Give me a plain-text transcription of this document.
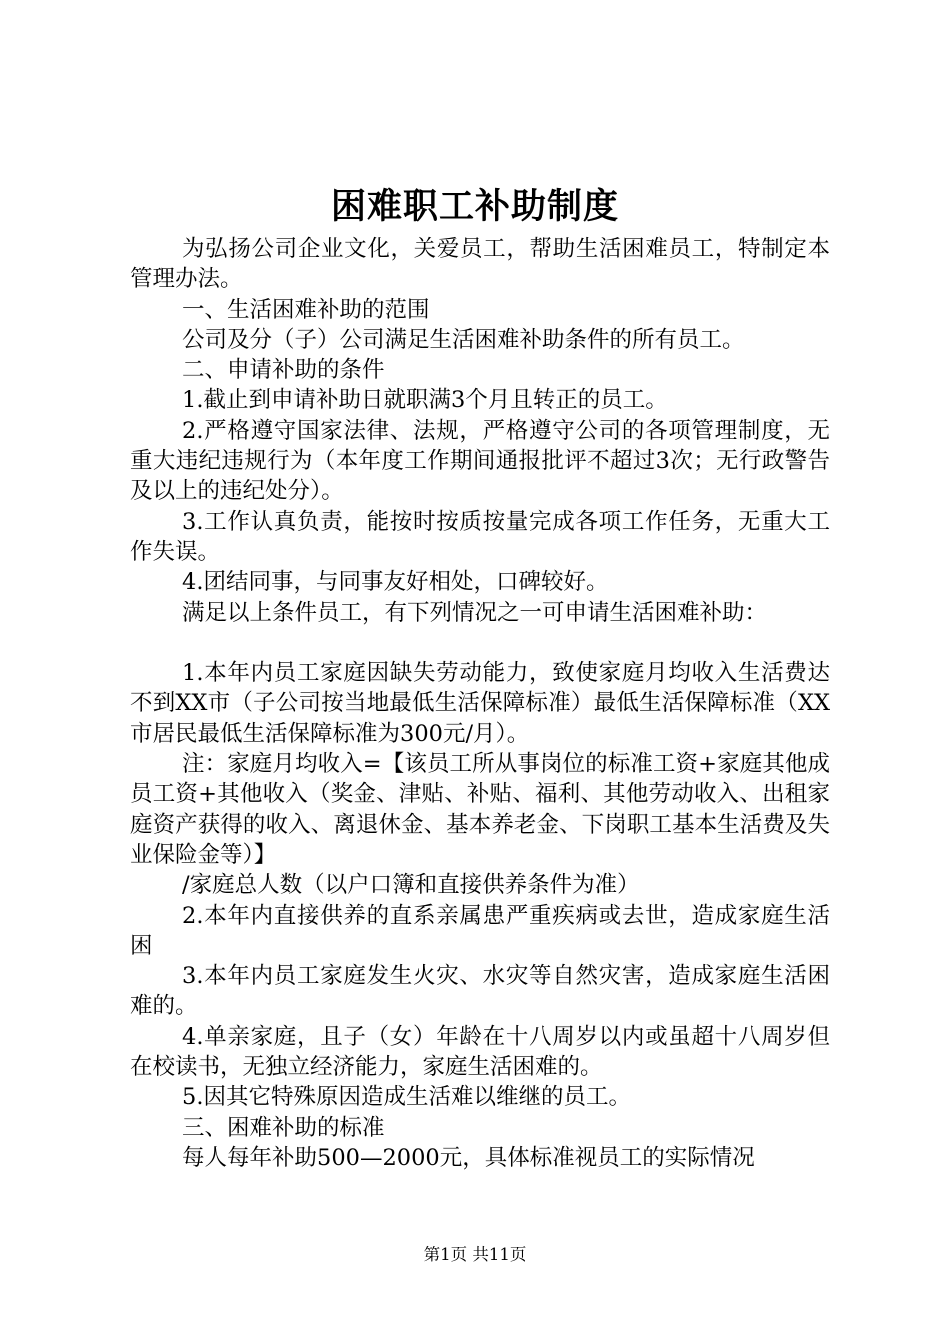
困难职工补助制度

为弘扬公司企业文化，关爱员工，帮助生活困难员工，特制定本管理办法。

一、生活困难补助的范围

公司及分（子）公司满足生活困难补助条件的所有员工。

二、申请补助的条件

1.截止到申请补助日就职满3个月且转正的员工。

2.严格遵守国家法律、法规，严格遵守公司的各项管理制度，无重大违纪违规行为（本年度工作期间通报批评不超过3次；无行政警告及以上的违纪处分）。

3.工作认真负责，能按时按质按量完成各项工作任务，无重大工作失误。

4.团结同事，与同事友好相处，口碑较好。

满足以上条件员工，有下列情况之一可申请生活困难补助：

1.本年内员工家庭因缺失劳动能力，致使家庭月均收入生活费达不到XX市（子公司按当地最低生活保障标准）最低生活保障标准（XX市居民最低生活保障标准为300元/月）。

注：家庭月均收入=【该员工所从事岗位的标准工资+家庭其他成员工资+其他收入（奖金、津贴、补贴、福利、其他劳动收入、出租家庭资产获得的收入、离退休金、基本养老金、下岗职工基本生活费及失业保险金等）】

/家庭总人数（以户口簿和直接供养条件为准）

2.本年内直接供养的直系亲属患严重疾病或去世，造成家庭生活困

3.本年内员工家庭发生火灾、水灾等自然灾害，造成家庭生活困难的。

4.单亲家庭，且子（女）年龄在十八周岁以内或虽超十八周岁但在校读书，无独立经济能力，家庭生活困难的。

5.因其它特殊原因造成生活难以维继的员工。

三、困难补助的标准

每人每年补助500—2000元，具体标准视员工的实际情况

第1页 共11页
